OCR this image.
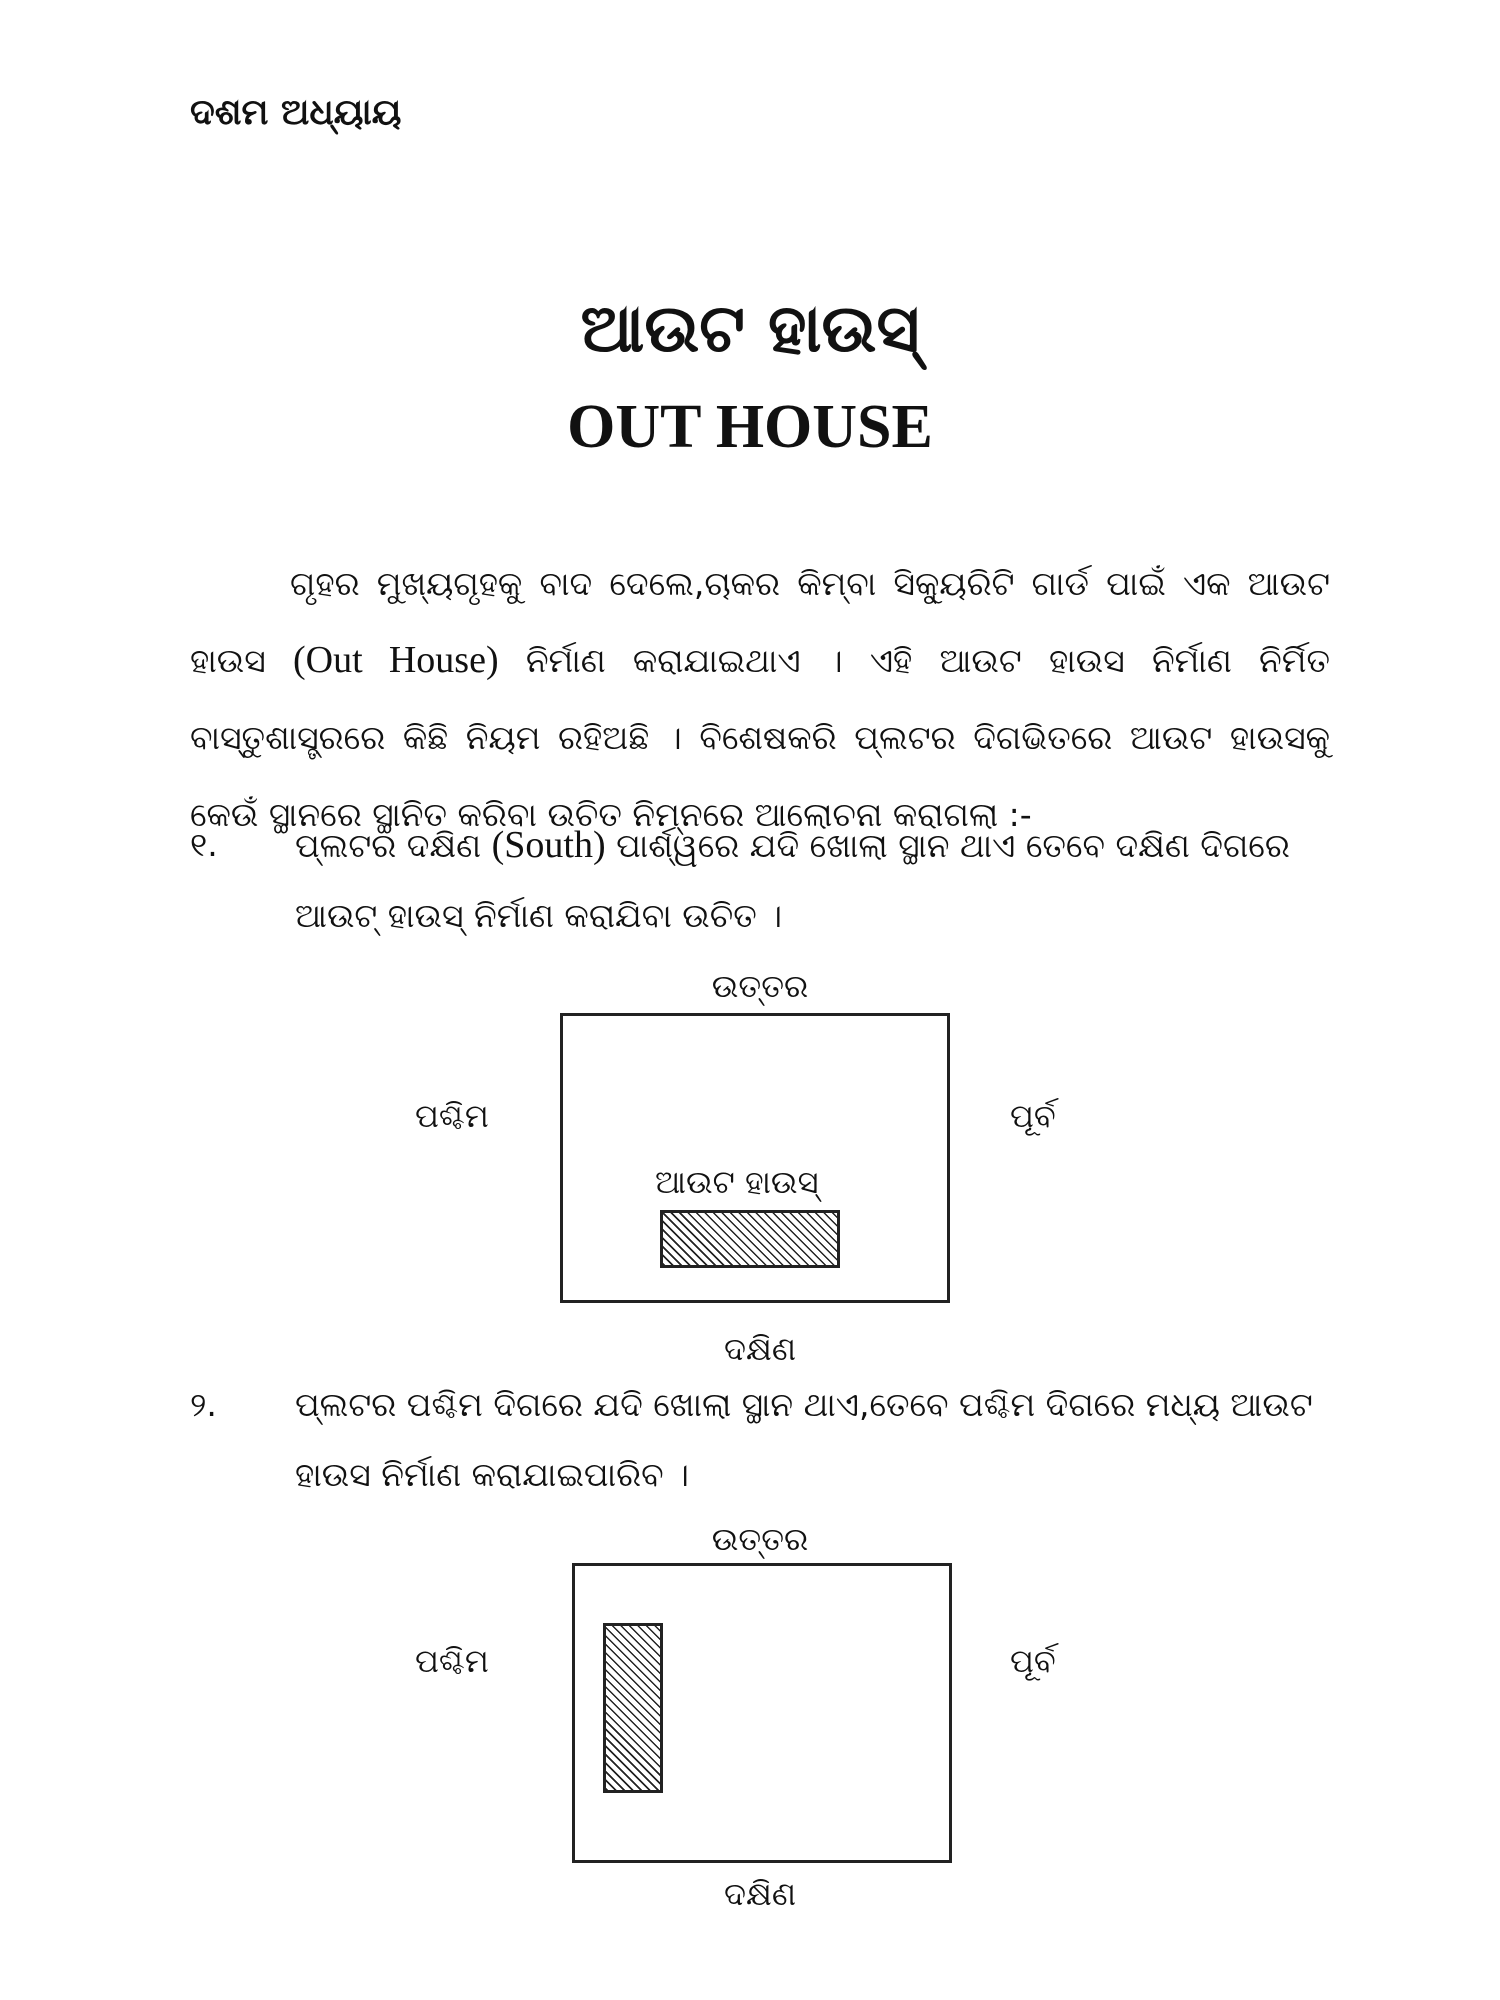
ଦଶମ ଅଧ୍ୟାୟ
ଆଉଟ ହାଉସ୍
OUT HOUSE
ଗୃହର ମୁଖ୍ୟଗୃହକୁ ବାଦ ଦେଲେ,ଚାକର କିମ୍ବା ସିକ୍ୟୁରିଟି ଗାର୍ଡ ପାଇଁ ଏକ ଆଉଟ ହାଉସ (Out House) ନିର୍ମାଣ କରାଯାଇଥାଏ । ଏହି ଆଉଟ ହାଉସ ନିର୍ମାଣ ନିର୍ମିତ ବାସ୍ତୁଶାସ୍ତ୍ରରେ କିଛି ନିୟମ ରହିଅଛି । ବିଶେଷକରି ପ୍ଲଟର ଦିଗଭିତରେ ଆଉଟ ହାଉସକୁ କେଉଁ ସ୍ଥାନରେ ସ୍ଥାନିତ କରିବା ଉଚିତ ନିମ୍ନରେ ଆଲୋଚନା କରାଗଲା :-
୧. ପ୍ଲଟର ଦକ୍ଷିଣ (South) ପାର୍ଶ୍ୱରେ ଯଦି ଖୋଲା ସ୍ଥାନ ଥାଏ ତେବେ ଦକ୍ଷିଣ ଦିଗରେ ଆଉଟ୍ ହାଉସ୍ ନିର୍ମାଣ କରାଯିବା ଉଚିତ ।
ଉତ୍ତର
ପଶ୍ଚିମ	ପୂର୍ବ
ଆଉଟ ହାଉସ୍
ଦକ୍ଷିଣ
୨. ପ୍ଲଟର ପଶ୍ଚିମ ଦିଗରେ ଯଦି ଖୋଲା ସ୍ଥାନ ଥାଏ,ତେବେ ପଶ୍ଚିମ ଦିଗରେ ମଧ୍ୟ ଆଉଟ ହାଉସ ନିର୍ମାଣ କରାଯାଇପାରିବ ।
ଉତ୍ତର
ପଶ୍ଚିମ	ପୂର୍ବ
ଦକ୍ଷିଣ
